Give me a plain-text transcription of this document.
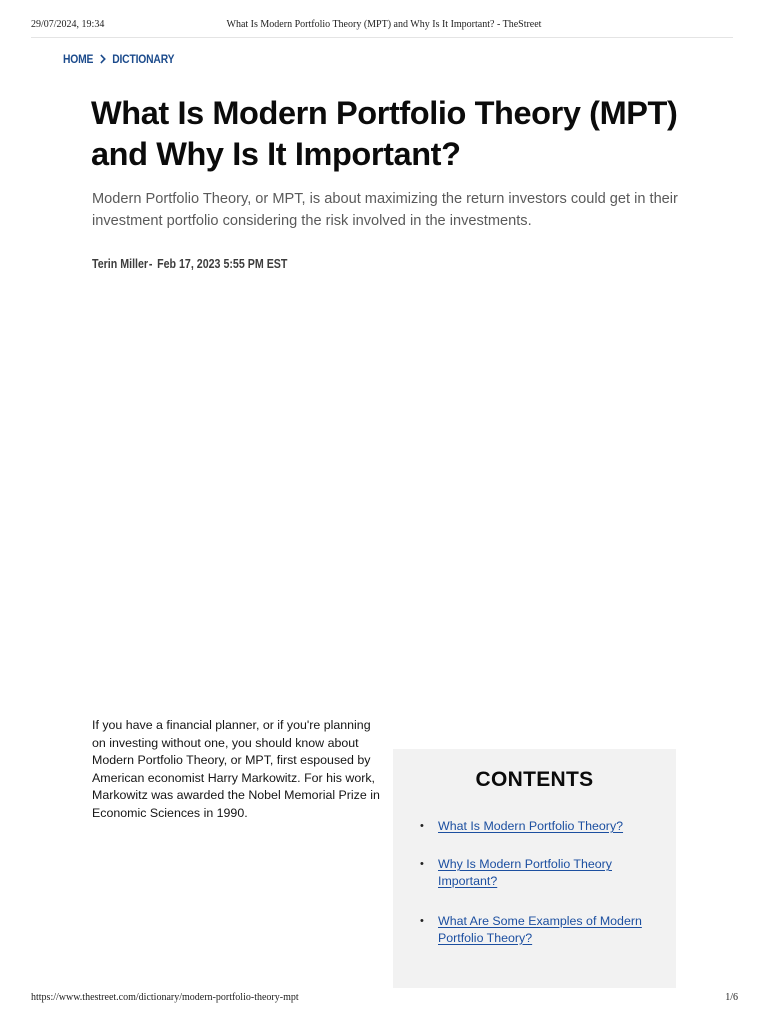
29/07/2024, 19:34	What Is Modern Portfolio Theory (MPT) and Why Is It Important? - TheStreet
HOME DICTIONARY
What Is Modern Portfolio Theory (MPT) and Why Is It Important?

Modern Portfolio Theory, or MPT, is about maximizing the return investors could get in their investment portfolio considering the risk involved in the investments.

Terin Miller- Feb 17, 2023 5:55 PM EST

If you have a financial planner, or if you're planning on investing without one, you should know about Modern Portfolio Theory, or MPT, first espoused by American economist Harry Markowitz. For his work, Markowitz was awarded the Nobel Memorial Prize in Economic Sciences in 1990.

CONTENTS
•	What Is Modern Portfolio Theory?
•	Why Is Modern Portfolio Theory Important?
•	What Are Some Examples of Modern Portfolio Theory?
https://www.thestreet.com/dictionary/modern-portfolio-theory-mpt	1/6
